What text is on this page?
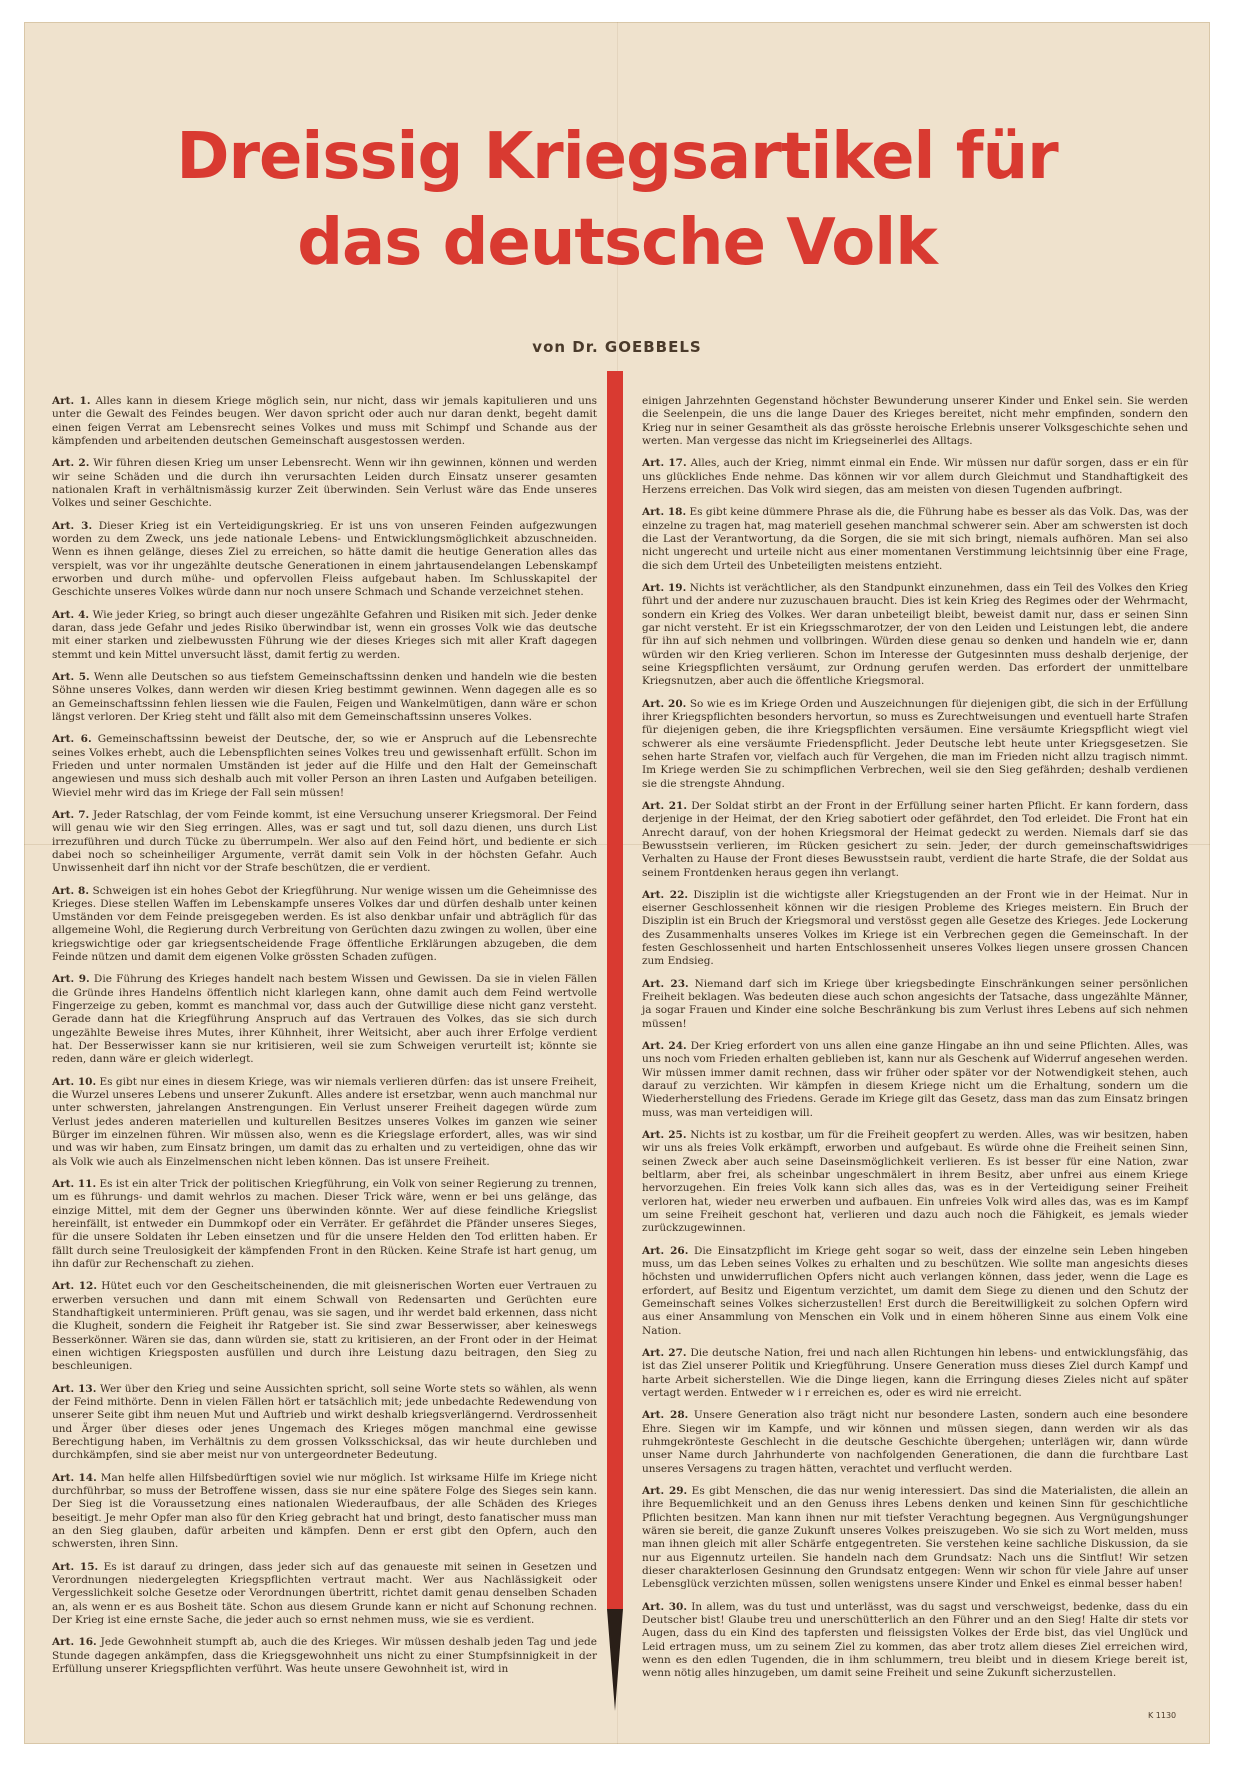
Dreissig Kriegsartikel für
das deutsche Volk
von Dr. GOEBBELS

Art. 1. Alles kann in diesem Kriege möglich sein, nur nicht, dass wir jemals kapitulieren und uns unter die Gewalt des Feindes beugen. Wer davon spricht oder auch nur daran denkt, begeht damit einen feigen Verrat am Lebensrecht seines Volkes und muss mit Schimpf und Schande aus der kämpfenden und arbeitenden deutschen Gemeinschaft ausgestossen werden.

Art. 2. Wir führen diesen Krieg um unser Lebensrecht. Wenn wir ihn gewinnen, können und werden wir seine Schäden und die durch ihn verursachten Leiden durch Einsatz unserer gesamten nationalen Kraft in verhältnismässig kurzer Zeit überwinden. Sein Verlust wäre das Ende unseres Volkes und seiner Geschichte.

Art. 3. Dieser Krieg ist ein Verteidigungskrieg. Er ist uns von unseren Feinden aufgezwungen worden zu dem Zweck, uns jede nationale Lebens- und Entwicklungsmöglichkeit abzuschneiden. Wenn es ihnen gelänge, dieses Ziel zu erreichen, so hätte damit die heutige Generation alles das verspielt, was vor ihr ungezählte deutsche Generationen in einem jahrtausendelangen Lebenskampf erworben und durch mühe- und opfervollen Fleiss aufgebaut haben. Im Schlusskapitel der Geschichte unseres Volkes würde dann nur noch unsere Schmach und Schande verzeichnet stehen.

Art. 4. Wie jeder Krieg, so bringt auch dieser ungezählte Gefahren und Risiken mit sich. Jeder denke daran, dass jede Gefahr und jedes Risiko überwindbar ist, wenn ein grosses Volk wie das deutsche mit einer starken und zielbewussten Führung wie der dieses Krieges sich mit aller Kraft dagegen stemmt und kein Mittel unversucht lässt, damit fertig zu werden.

Art. 5. Wenn alle Deutschen so aus tiefstem Gemeinschaftssinn denken und handeln wie die besten Söhne unseres Volkes, dann werden wir diesen Krieg bestimmt gewinnen. Wenn dagegen alle es so an Gemeinschaftssinn fehlen liessen wie die Faulen, Feigen und Wankelmütigen, dann wäre er schon längst verloren. Der Krieg steht und fällt also mit dem Gemeinschaftssinn unseres Volkes.

Art. 6. Gemeinschaftssinn beweist der Deutsche, der, so wie er Anspruch auf die Lebensrechte seines Volkes erhebt, auch die Lebenspflichten seines Volkes treu und gewissenhaft erfüllt. Schon im Frieden und unter normalen Umständen ist jeder auf die Hilfe und den Halt der Gemeinschaft angewiesen und muss sich deshalb auch mit voller Person an ihren Lasten und Aufgaben beteiligen. Wieviel mehr wird das im Kriege der Fall sein müssen!

Art. 7. Jeder Ratschlag, der vom Feinde kommt, ist eine Versuchung unserer Kriegsmoral. Der Feind will genau wie wir den Sieg erringen. Alles, was er sagt und tut, soll dazu dienen, uns durch List irrezuführen und durch Tücke zu überrumpeln. Wer also auf den Feind hört, und bediente er sich dabei noch so scheinheiliger Argumente, verrät damit sein Volk in der höchsten Gefahr. Auch Unwissenheit darf ihn nicht vor der Strafe beschützen, die er verdient.

Art. 8. Schweigen ist ein hohes Gebot der Kriegführung. Nur wenige wissen um die Geheimnisse des Krieges. Diese stellen Waffen im Lebenskampfe unseres Volkes dar und dürfen deshalb unter keinen Umständen vor dem Feinde preisgegeben werden. Es ist also denkbar unfair und abträglich für das allgemeine Wohl, die Regierung durch Verbreitung von Gerüchten dazu zwingen zu wollen, über eine kriegswichtige oder gar kriegsentscheidende Frage öffentliche Erklärungen abzugeben, die dem Feinde nützen und damit dem eigenen Volke grössten Schaden zufügen.

Art. 9. Die Führung des Krieges handelt nach bestem Wissen und Gewissen. Da sie in vielen Fällen die Gründe ihres Handelns öffentlich nicht klarlegen kann, ohne damit auch dem Feind wertvolle Fingerzeige zu geben, kommt es manchmal vor, dass auch der Gutwillige diese nicht ganz versteht. Gerade dann hat die Kriegführung Anspruch auf das Vertrauen des Volkes, das sie sich durch ungezählte Beweise ihres Mutes, ihrer Kühnheit, ihrer Weitsicht, aber auch ihrer Erfolge verdient hat. Der Besserwisser kann sie nur kritisieren, weil sie zum Schweigen verurteilt ist; könnte sie reden, dann wäre er gleich widerlegt.

Art. 10. Es gibt nur eines in diesem Kriege, was wir niemals verlieren dürfen: das ist unsere Freiheit, die Wurzel unseres Lebens und unserer Zukunft. Alles andere ist ersetzbar, wenn auch manchmal nur unter schwersten, jahrelangen Anstrengungen. Ein Verlust unserer Freiheit dagegen würde zum Verlust jedes anderen materiellen und kulturellen Besitzes unseres Volkes im ganzen wie seiner Bürger im einzelnen führen. Wir müssen also, wenn es die Kriegslage erfordert, alles, was wir sind und was wir haben, zum Einsatz bringen, um damit das zu erhalten und zu verteidigen, ohne das wir als Volk wie auch als Einzelmenschen nicht leben können. Das ist unsere Freiheit.

Art. 11. Es ist ein alter Trick der politischen Kriegführung, ein Volk von seiner Regierung zu trennen, um es führungs- und damit wehrlos zu machen. Dieser Trick wäre, wenn er bei uns gelänge, das einzige Mittel, mit dem der Gegner uns überwinden könnte. Wer auf diese feindliche Kriegslist hereinfällt, ist entweder ein Dummkopf oder ein Verräter. Er gefährdet die Pfänder unseres Sieges, für die unsere Soldaten ihr Leben einsetzen und für die unsere Helden den Tod erlitten haben. Er fällt durch seine Treulosigkeit der kämpfenden Front in den Rücken. Keine Strafe ist hart genug, um ihn dafür zur Rechenschaft zu ziehen.

Art. 12. Hütet euch vor den Gescheitscheinenden, die mit gleisnerischen Worten euer Vertrauen zu erwerben versuchen und dann mit einem Schwall von Redensarten und Gerüchten eure Standhaftigkeit unterminieren. Prüft genau, was sie sagen, und ihr werdet bald erkennen, dass nicht die Klugheit, sondern die Feigheit ihr Ratgeber ist. Sie sind zwar Besserwisser, aber keineswegs Besserkönner. Wären sie das, dann würden sie, statt zu kritisieren, an der Front oder in der Heimat einen wichtigen Kriegsposten ausfüllen und durch ihre Leistung dazu beitragen, den Sieg zu beschleunigen.

Art. 13. Wer über den Krieg und seine Aussichten spricht, soll seine Worte stets so wählen, als wenn der Feind mithörte. Denn in vielen Fällen hört er tatsächlich mit; jede unbedachte Redewendung von unserer Seite gibt ihm neuen Mut und Auftrieb und wirkt deshalb kriegsverlängernd. Verdrossenheit und Ärger über dieses oder jenes Ungemach des Krieges mögen manchmal eine gewisse Berechtigung haben, im Verhältnis zu dem grossen Volksschicksal, das wir heute durchleben und durchkämpfen, sind sie aber meist nur von untergeordneter Bedeutung.

Art. 14. Man helfe allen Hilfsbedürftigen soviel wie nur möglich. Ist wirksame Hilfe im Kriege nicht durchführbar, so muss der Betroffene wissen, dass sie nur eine spätere Folge des Sieges sein kann. Der Sieg ist die Voraussetzung eines nationalen Wiederaufbaus, der alle Schäden des Krieges beseitigt. Je mehr Opfer man also für den Krieg gebracht hat und bringt, desto fanatischer muss man an den Sieg glauben, dafür arbeiten und kämpfen. Denn er erst gibt den Opfern, auch den schwersten, ihren Sinn.

Art. 15. Es ist darauf zu dringen, dass jeder sich auf das genaueste mit seinen in Gesetzen und Verordnungen niedergelegten Kriegspflichten vertraut macht. Wer aus Nachlässigkeit oder Vergesslichkeit solche Gesetze oder Verordnungen übertritt, richtet damit genau denselben Schaden an, als wenn er es aus Bosheit täte. Schon aus diesem Grunde kann er nicht auf Schonung rechnen. Der Krieg ist eine ernste Sache, die jeder auch so ernst nehmen muss, wie sie es verdient.

Art. 16. Jede Gewohnheit stumpft ab, auch die des Krieges. Wir müssen deshalb jeden Tag und jede Stunde dagegen ankämpfen, dass die Kriegsgewohnheit uns nicht zu einer Stumpfsinnigkeit in der Erfüllung unserer Kriegspflichten verführt. Was heute unsere Gewohnheit ist, wird in

einigen Jahrzehnten Gegenstand höchster Bewunderung unserer Kinder und Enkel sein. Sie werden die Seelenpein, die uns die lange Dauer des Krieges bereitet, nicht mehr empfinden, sondern den Krieg nur in seiner Gesamtheit als das grösste heroische Erlebnis unserer Volksgeschichte sehen und werten. Man vergesse das nicht im Kriegseinerlei des Alltags.

Art. 17. Alles, auch der Krieg, nimmt einmal ein Ende. Wir müssen nur dafür sorgen, dass er ein für uns glückliches Ende nehme. Das können wir vor allem durch Gleichmut und Standhaftigkeit des Herzens erreichen. Das Volk wird siegen, das am meisten von diesen Tugenden aufbringt.

Art. 18. Es gibt keine dümmere Phrase als die, die Führung habe es besser als das Volk. Das, was der einzelne zu tragen hat, mag materiell gesehen manchmal schwerer sein. Aber am schwersten ist doch die Last der Verantwortung, da die Sorgen, die sie mit sich bringt, niemals aufhören. Man sei also nicht ungerecht und urteile nicht aus einer momentanen Verstimmung leichtsinnig über eine Frage, die sich dem Urteil des Unbeteiligten meistens entzieht.

Art. 19. Nichts ist verächtlicher, als den Standpunkt einzunehmen, dass ein Teil des Volkes den Krieg führt und der andere nur zuzuschauen braucht. Dies ist kein Krieg des Regimes oder der Wehrmacht, sondern ein Krieg des Volkes. Wer daran unbeteiligt bleibt, beweist damit nur, dass er seinen Sinn gar nicht versteht. Er ist ein Kriegsschmarotzer, der von den Leiden und Leistungen lebt, die andere für ihn auf sich nehmen und vollbringen. Würden diese genau so denken und handeln wie er, dann würden wir den Krieg verlieren. Schon im Interesse der Gutgesinnten muss deshalb derjenige, der seine Kriegspflichten versäumt, zur Ordnung gerufen werden. Das erfordert der unmittelbare Kriegsnutzen, aber auch die öffentliche Kriegsmoral.

Art. 20. So wie es im Kriege Orden und Auszeichnungen für diejenigen gibt, die sich in der Erfüllung ihrer Kriegspflichten besonders hervortun, so muss es Zurechtweisungen und eventuell harte Strafen für diejenigen geben, die ihre Kriegspflichten versäumen. Eine versäumte Kriegspflicht wiegt viel schwerer als eine versäumte Friedenspflicht. Jeder Deutsche lebt heute unter Kriegsgesetzen. Sie sehen harte Strafen vor, vielfach auch für Vergehen, die man im Frieden nicht allzu tragisch nimmt. Im Kriege werden Sie zu schimpflichen Verbrechen, weil sie den Sieg gefährden; deshalb verdienen sie die strengste Ahndung.

Art. 21. Der Soldat stirbt an der Front in der Erfüllung seiner harten Pflicht. Er kann fordern, dass derjenige in der Heimat, der den Krieg sabotiert oder gefährdet, den Tod erleidet. Die Front hat ein Anrecht darauf, von der hohen Kriegsmoral der Heimat gedeckt zu werden. Niemals darf sie das Bewusstsein verlieren, im Rücken gesichert zu sein. Jeder, der durch gemeinschaftswidriges Verhalten zu Hause der Front dieses Bewusstsein raubt, verdient die harte Strafe, die der Soldat aus seinem Frontdenken heraus gegen ihn verlangt.

Art. 22. Disziplin ist die wichtigste aller Kriegstugenden an der Front wie in der Heimat. Nur in eiserner Geschlossenheit können wir die riesigen Probleme des Krieges meistern. Ein Bruch der Disziplin ist ein Bruch der Kriegsmoral und verstösst gegen alle Gesetze des Krieges. Jede Lockerung des Zusammenhalts unseres Volkes im Kriege ist ein Verbrechen gegen die Gemeinschaft. In der festen Geschlossenheit und harten Entschlossenheit unseres Volkes liegen unsere grossen Chancen zum Endsieg.

Art. 23. Niemand darf sich im Kriege über kriegsbedingte Einschränkungen seiner persönlichen Freiheit beklagen. Was bedeuten diese auch schon angesichts der Tatsache, dass ungezählte Männer, ja sogar Frauen und Kinder eine solche Beschränkung bis zum Verlust ihres Lebens auf sich nehmen müssen!

Art. 24. Der Krieg erfordert von uns allen eine ganze Hingabe an ihn und seine Pflichten. Alles, was uns noch vom Frieden erhalten geblieben ist, kann nur als Geschenk auf Widerruf angesehen werden. Wir müssen immer damit rechnen, dass wir früher oder später vor der Notwendigkeit stehen, auch darauf zu verzichten. Wir kämpfen in diesem Kriege nicht um die Erhaltung, sondern um die Wiederherstellung des Friedens. Gerade im Kriege gilt das Gesetz, dass man das zum Einsatz bringen muss, was man verteidigen will.

Art. 25. Nichts ist zu kostbar, um für die Freiheit geopfert zu werden. Alles, was wir besitzen, haben wir uns als freies Volk erkämpft, erworben und aufgebaut. Es würde ohne die Freiheit seinen Sinn, seinen Zweck aber auch seine Daseinsmöglichkeit verlieren. Es ist besser für eine Nation, zwar beltlarm, aber frei, als scheinbar ungeschmälert in ihrem Besitz, aber unfrei aus einem Kriege hervorzugehen. Ein freies Volk kann sich alles das, was es in der Verteidigung seiner Freiheit verloren hat, wieder neu erwerben und aufbauen. Ein unfreies Volk wird alles das, was es im Kampf um seine Freiheit geschont hat, verlieren und dazu auch noch die Fähigkeit, es jemals wieder zurückzugewinnen.

Art. 26. Die Einsatzpflicht im Kriege geht sogar so weit, dass der einzelne sein Leben hingeben muss, um das Leben seines Volkes zu erhalten und zu beschützen. Wie sollte man angesichts dieses höchsten und unwiderruflichen Opfers nicht auch verlangen können, dass jeder, wenn die Lage es erfordert, auf Besitz und Eigentum verzichtet, um damit dem Siege zu dienen und den Schutz der Gemeinschaft seines Volkes sicherzustellen! Erst durch die Bereitwilligkeit zu solchen Opfern wird aus einer Ansammlung von Menschen ein Volk und in einem höheren Sinne aus einem Volk eine Nation.

Art. 27. Die deutsche Nation, frei und nach allen Richtungen hin lebens- und entwicklungsfähig, das ist das Ziel unserer Politik und Kriegführung. Unsere Generation muss dieses Ziel durch Kampf und harte Arbeit sicherstellen. Wie die Dinge liegen, kann die Erringung dieses Zieles nicht auf später vertagt werden. Entweder w i r erreichen es, oder es wird nie erreicht.

Art. 28. Unsere Generation also trägt nicht nur besondere Lasten, sondern auch eine besondere Ehre. Siegen wir im Kampfe, und wir können und müssen siegen, dann werden wir als das ruhmgekrönteste Geschlecht in die deutsche Geschichte übergehen; unterlägen wir, dann würde unser Name durch Jahrhunderte von nachfolgenden Generationen, die dann die furchtbare Last unseres Versagens zu tragen hätten, verachtet und verflucht werden.

Art. 29. Es gibt Menschen, die das nur wenig interessiert. Das sind die Materialisten, die allein an ihre Bequemlichkeit und an den Genuss ihres Lebens denken und keinen Sinn für geschichtliche Pflichten besitzen. Man kann ihnen nur mit tiefster Verachtung begegnen. Aus Vergnügungshunger wären sie bereit, die ganze Zukunft unseres Volkes preiszugeben. Wo sie sich zu Wort melden, muss man ihnen gleich mit aller Schärfe entgegentreten. Sie verstehen keine sachliche Diskussion, da sie nur aus Eigennutz urteilen. Sie handeln nach dem Grundsatz: Nach uns die Sintflut! Wir setzen dieser charakterlosen Gesinnung den Grundsatz entgegen: Wenn wir schon für viele Jahre auf unser Lebensglück verzichten müssen, sollen wenigstens unsere Kinder und Enkel es einmal besser haben!

Art. 30. In allem, was du tust und unterlässt, was du sagst und verschweigst, bedenke, dass du ein Deutscher bist! Glaube treu und unerschütterlich an den Führer und an den Sieg! Halte dir stets vor Augen, dass du ein Kind des tapfersten und fleissigsten Volkes der Erde bist, das viel Unglück und Leid ertragen muss, um zu seinem Ziel zu kommen, das aber trotz allem dieses Ziel erreichen wird, wenn es den edlen Tugenden, die in ihm schlummern, treu bleibt und in diesem Kriege bereit ist, wenn nötig alles hinzugeben, um damit seine Freiheit und seine Zukunft sicherzustellen.

K 1130
